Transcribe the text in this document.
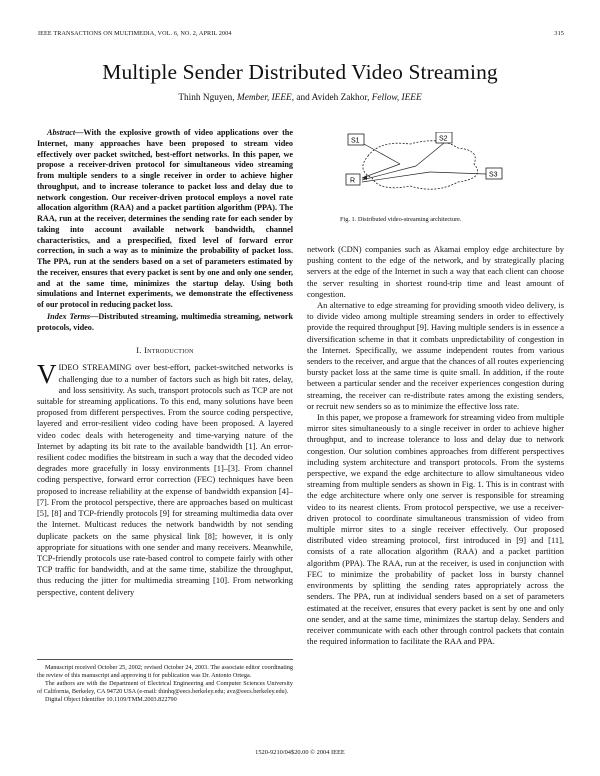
IEEE TRANSACTIONS ON MULTIMEDIA, VOL. 6, NO. 2, APRIL 2004	315
Multiple Sender Distributed Video Streaming
Thinh Nguyen, Member, IEEE, and Avideh Zakhor, Fellow, IEEE

Abstract—With the explosive growth of video applications over the Internet, many approaches have been proposed to stream video effectively over packet switched, best-effort networks. In this paper, we propose a receiver-driven protocol for simultaneous video streaming from multiple senders to a single receiver in order to achieve higher throughput, and to increase tolerance to packet loss and delay due to network congestion. Our receiver-driven protocol employs a novel rate allocation algorithm (RAA) and a packet partition algorithm (PPA). The RAA, run at the receiver, determines the sending rate for each sender by taking into account available network bandwidth, channel characteristics, and a prespecified, fixed level of forward error correction, in such a way as to minimize the probability of packet loss. The PPA, run at the senders based on a set of parameters estimated by the receiver, ensures that every packet is sent by one and only one sender, and at the same time, minimizes the startup delay. Using both simulations and Internet experiments, we demonstrate the effectiveness of our protocol in reducing packet loss.

Index Terms—Distributed streaming, multimedia streaming, network protocols, video.

I. Introduction

VIDEO STREAMING over best-effort, packet-switched networks is challenging due to a number of factors such as high bit rates, delay, and loss sensitivity. As such, transport protocols such as TCP are not suitable for streaming applications. To this end, many solutions have been proposed from different perspectives. From the source coding perspective, layered and error-resilient video coding have been proposed. A layered video codec deals with heterogeneity and time-varying nature of the Internet by adapting its bit rate to the available bandwidth [1]. An error-resilient codec modifies the bitstream in such a way that the decoded video degrades more gracefully in lossy environments [1]–[3]. From channel coding perspective, forward error correction (FEC) techniques have been proposed to increase reliability at the expense of bandwidth expansion [4]–[7]. From the protocol perspective, there are approaches based on multicast [5], [8] and TCP-friendly protocols [9] for streaming multimedia data over the Internet. Multicast reduces the network bandwidth by not sending duplicate packets on the same physical link [8]; however, it is only appropriate for situations with one sender and many receivers. Meanwhile, TCP-friendly protocols use rate-based control to compete fairly with other TCP traffic for bandwidth, and at the same time, stabilize the throughput, thus reducing the jitter for multimedia streaming [10]. From networking perspective, content delivery

Manuscript received October 25, 2002; revised October 24, 2003. The associate editor coordinating the review of this manuscript and approving it for publication was Dr. Antonio Ortega.

The authors are with the Department of Electrical Engineering and Computer Sciences University of California, Berkeley, CA 94720 USA (e-mail: thinhq@eecs.berkeley.edu; avz@eecs.berkeley.edu).

Digital Object Identifier 10.1109/TMM.2003.822790

S1	S2
S3
R
Fig. 1. Distributed video-streaming architecture.

network (CDN) companies such as Akamai employ edge architecture by pushing content to the edge of the network, and by strategically placing servers at the edge of the Internet in such a way that each client can choose the server resulting in shortest round-trip time and least amount of congestion.

An alternative to edge streaming for providing smooth video delivery, is to divide video among multiple streaming senders in order to effectively provide the required throughput [9]. Having multiple senders is in essence a diversification scheme in that it combats unpredictability of congestion in the Internet. Specifically, we assume independent routes from various senders to the receiver, and argue that the chances of all routes experiencing bursty packet loss at the same time is quite small. In addition, if the route between a particular sender and the receiver experiences congestion during streaming, the receiver can re-distribute rates among the existing senders, or recruit new senders so as to minimize the effective loss rate.

In this paper, we propose a framework for streaming video from multiple mirror sites simultaneously to a single receiver in order to achieve higher throughput, and to increase tolerance to loss and delay due to network congestion. Our solution combines approaches from different perspectives including system architecture and transport protocols. From the systems perspective, we expand the edge architecture to allow simultaneous video streaming from multiple senders as shown in Fig. 1. This is in contrast with the edge architecture where only one server is responsible for streaming video to its nearest clients. From protocol perspective, we use a receiver-driven protocol to coordinate simultaneous transmission of video from multiple mirror sites to a single receiver effectively. Our proposed distributed video streaming protocol, first introduced in [9] and [11], consists of a rate allocation algorithm (RAA) and a packet partition algorithm (PPA). The RAA, run at the receiver, is used in conjunction with FEC to minimize the probability of packet loss in bursty channel environments by splitting the sending rates appropriately across the senders. The PPA, run at individual senders based on a set of parameters estimated at the receiver, ensures that every packet is sent by one and only one sender, and at the same time, minimizes the startup delay. Senders and receiver communicate with each other through control packets that contain the required information to facilitate the RAA and PPA.

1520-9210/04$20.00 © 2004 IEEE
